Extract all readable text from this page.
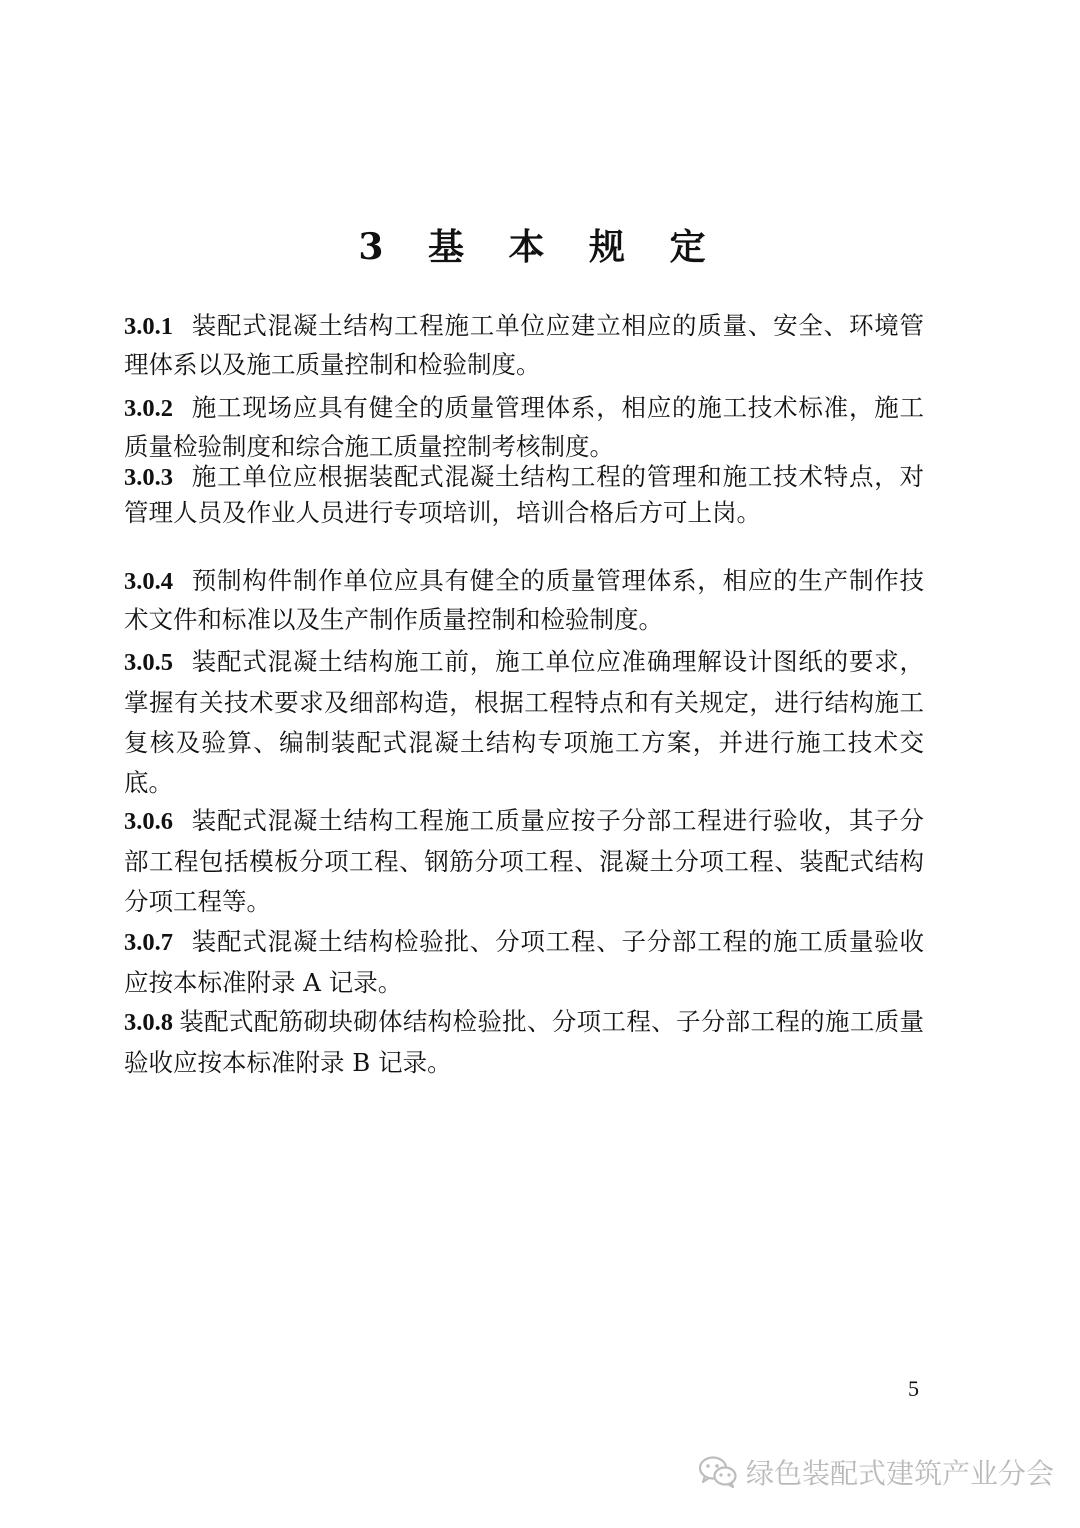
3 基 本 规 定
3.0.1 装配式混凝土结构工程施工单位应建立相应的质量、安全、环境管理体系以及施工质量控制和检验制度。
3.0.2 施工现场应具有健全的质量管理体系，相应的施工技术标准，施工质量检验制度和综合施工质量控制考核制度。
3.0.3 施工单位应根据装配式混凝土结构工程的管理和施工技术特点，对管理人员及作业人员进行专项培训，培训合格后方可上岗。
3.0.4 预制构件制作单位应具有健全的质量管理体系，相应的生产制作技术文件和标准以及生产制作质量控制和检验制度。
3.0.5 装配式混凝土结构施工前，施工单位应准确理解设计图纸的要求，掌握有关技术要求及细部构造，根据工程特点和有关规定，进行结构施工复核及验算、编制装配式混凝土结构专项施工方案，并进行施工技术交底。
3.0.6 装配式混凝土结构工程施工质量应按子分部工程进行验收，其子分部工程包括模板分项工程、钢筋分项工程、混凝土分项工程、装配式结构分项工程等。
3.0.7 装配式混凝土结构检验批、分项工程、子分部工程的施工质量验收应按本标准附录 A 记录。
3.0.8 装配式配筋砌块砌体结构检验批、分项工程、子分部工程的施工质量验收应按本标准附录 B 记录。
5
绿色装配式建筑产业分会
